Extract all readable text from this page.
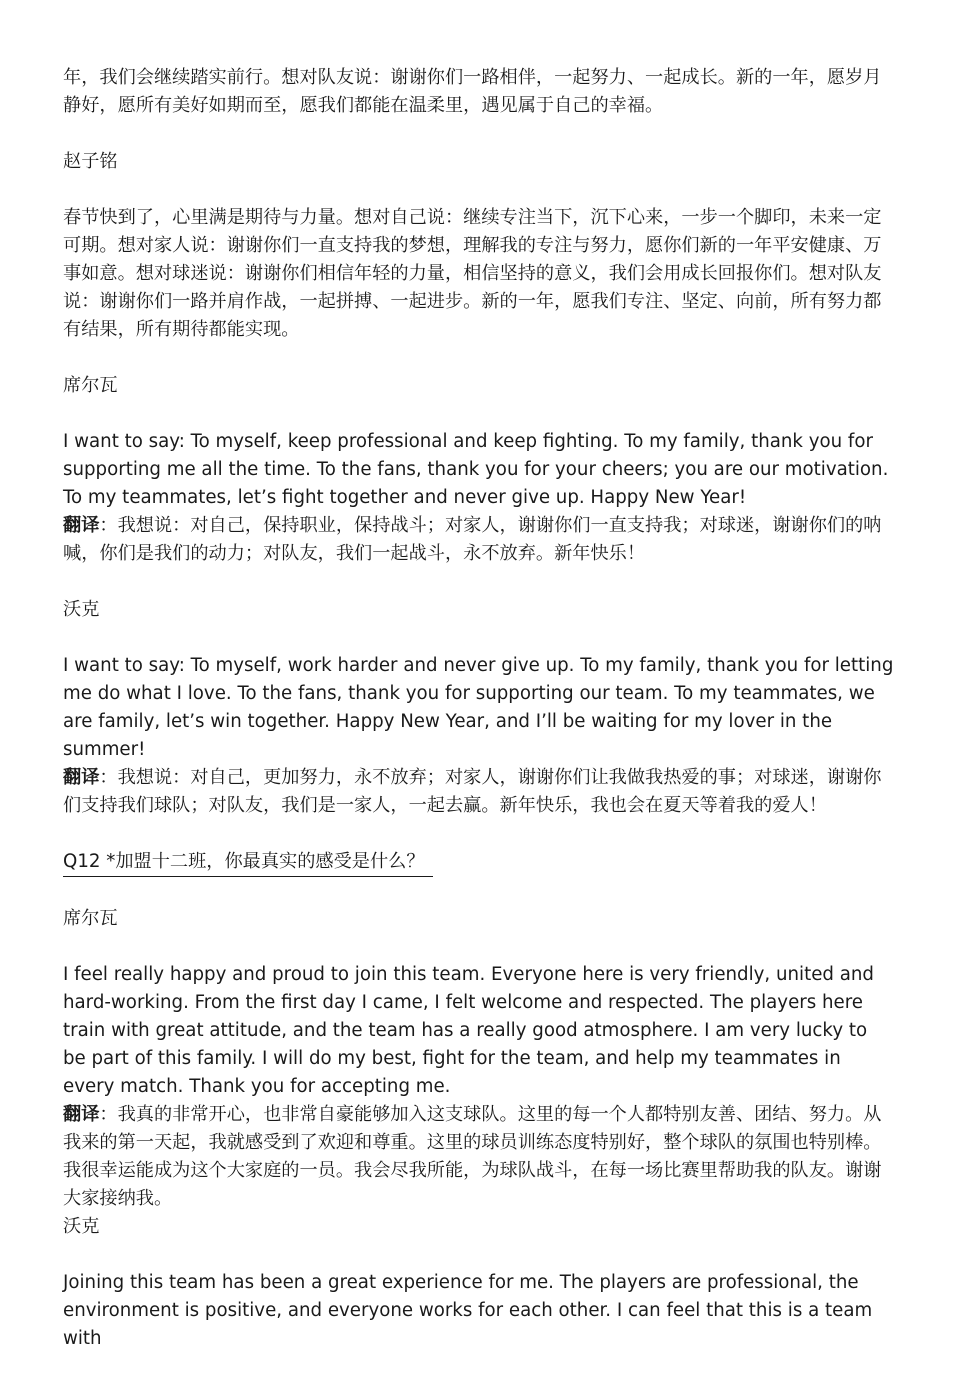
年，我们会继续踏实前行。想对队友说：谢谢你们一路相伴，一起努力、一起成长。新的一年，愿岁月静好，愿所有美好如期而至，愿我们都能在温柔里，遇见属于自己的幸福。

赵子铭

春节快到了，心里满是期待与力量。想对自己说：继续专注当下，沉下心来，一步一个脚印，未来一定可期。想对家人说：谢谢你们一直支持我的梦想，理解我的专注与努力，愿你们新的一年平安健康、万事如意。想对球迷说：谢谢你们相信年轻的力量，相信坚持的意义，我们会用成长回报你们。想对队友说：谢谢你们一路并肩作战，一起拼搏、一起进步。新的一年，愿我们专注、坚定、向前，所有努力都有结果，所有期待都能实现。

席尔瓦

I want to say: To myself, keep professional and keep fighting. To my family, thank you for supporting me all the time. To the fans, thank you for your cheers; you are our motivation. To my teammates, let’s fight together and never give up. Happy New Year!

翻译：我想说：对自己，保持职业，保持战斗；对家人，谢谢你们一直支持我；对球迷，谢谢你们的呐喊，你们是我们的动力；对队友，我们一起战斗，永不放弃。新年快乐！

沃克

I want to say: To myself, work harder and never give up. To my family, thank you for letting me do what I love. To the fans, thank you for supporting our team. To my teammates, we are family, let’s win together. Happy New Year, and I’ll be waiting for my lover in the summer!

翻译：我想说：对自己，更加努力，永不放弃；对家人，谢谢你们让我做我热爱的事；对球迷，谢谢你们支持我们球队；对队友，我们是一家人，一起去赢。新年快乐，我也会在夏天等着我的爱人！

Q12 *加盟十二班，你最真实的感受是什么？

席尔瓦

I feel really happy and proud to join this team. Everyone here is very friendly, united and hard-working. From the first day I came, I felt welcome and respected. The players here train with great attitude, and the team has a really good atmosphere. I am very lucky to be part of this family. I will do my best, fight for the team, and help my teammates in every match. Thank you for accepting me.

翻译：我真的非常开心，也非常自豪能够加入这支球队。这里的每一个人都特别友善、团结、努力。从我来的第一天起，我就感受到了欢迎和尊重。这里的球员训练态度特别好，整个球队的氛围也特别棒。我很幸运能成为这个大家庭的一员。我会尽我所能，为球队战斗，在每一场比赛里帮助我的队友。谢谢大家接纳我。

沃克

Joining this team has been a great experience for me. The players are professional, the environment is positive, and everyone works for each other. I can feel that this is a team with
